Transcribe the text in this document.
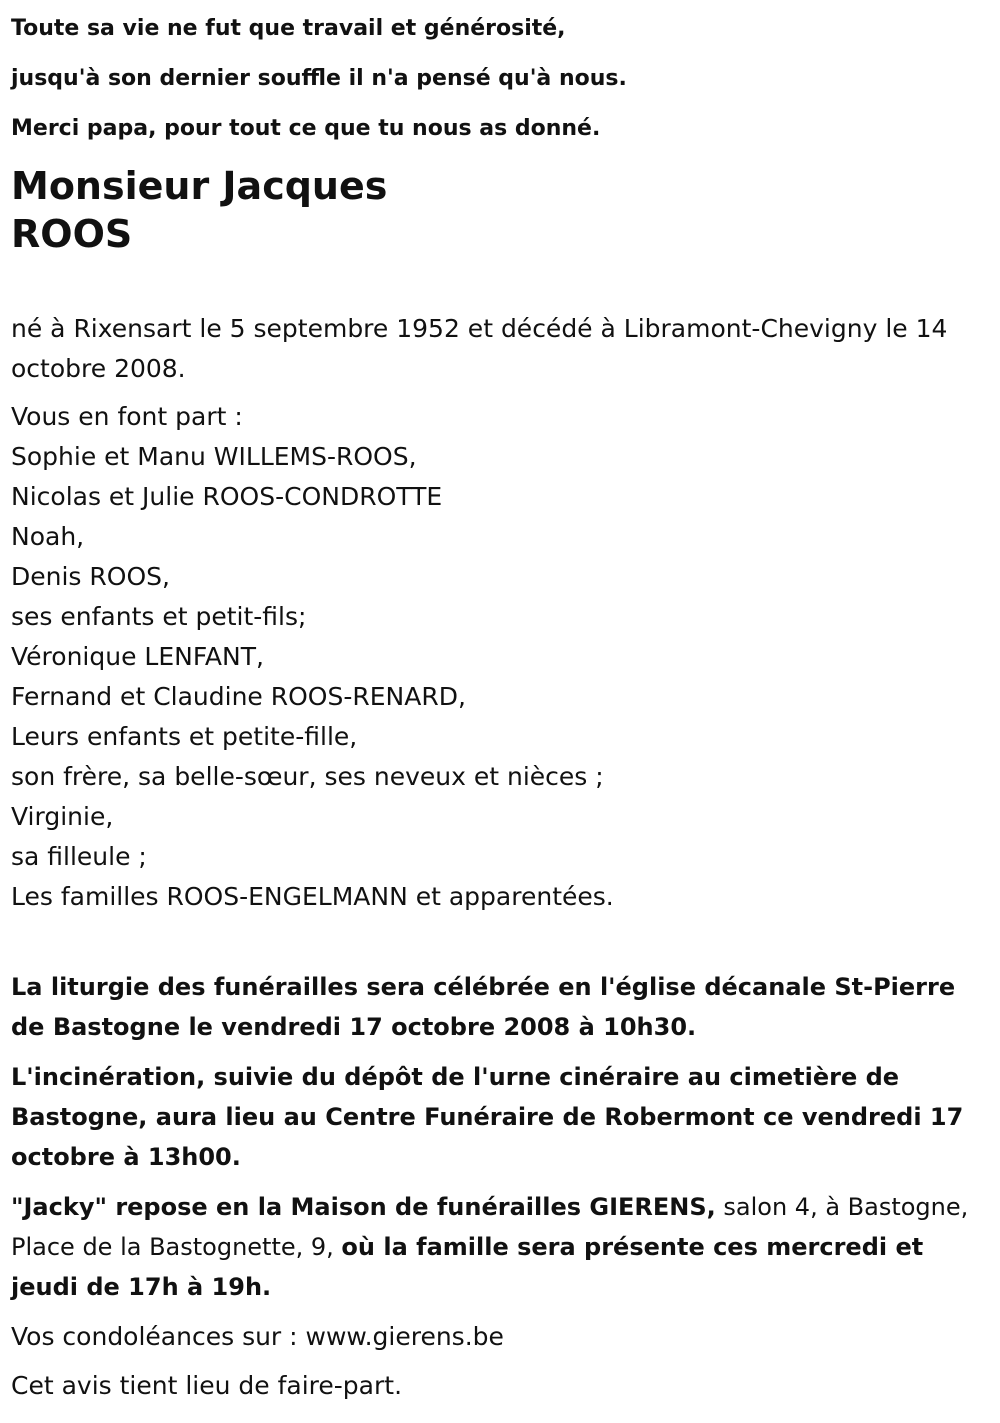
Toute sa vie ne fut que travail et générosité,

jusqu'à son dernier souffle il n'a pensé qu'à nous.

Merci papa, pour tout ce que tu nous as donné.

Monsieur Jacques
ROOS
né à Rixensart le 5 septembre 1952 et décédé à Libramont-Chevigny le 14 octobre 2008.
Vous en font part :
Sophie et Manu WILLEMS-ROOS,
Nicolas et Julie ROOS-CONDROTTE
Noah,
Denis ROOS,
ses enfants et petit-fils;
Véronique LENFANT,
Fernand et Claudine ROOS-RENARD,
Leurs enfants et petite-fille,
son frère, sa belle-sœur, ses neveux et nièces ;
Virginie,
sa filleule ;
Les familles ROOS-ENGELMANN et apparentées.

La liturgie des funérailles sera célébrée en l'église décanale St-Pierre de Bastogne le vendredi 17 octobre 2008 à 10h30.

L'incinération, suivie du dépôt de l'urne cinéraire au cimetière de Bastogne, aura lieu au Centre Funéraire de Robermont ce vendredi 17 octobre à 13h00.

"Jacky" repose en la Maison de funérailles GIERENS, salon 4, à Bastogne, Place de la Bastognette, 9, où la famille sera présente ces mercredi et jeudi de 17h à 19h.

Vos condoléances sur : www.gierens.be
Cet avis tient lieu de faire-part.
